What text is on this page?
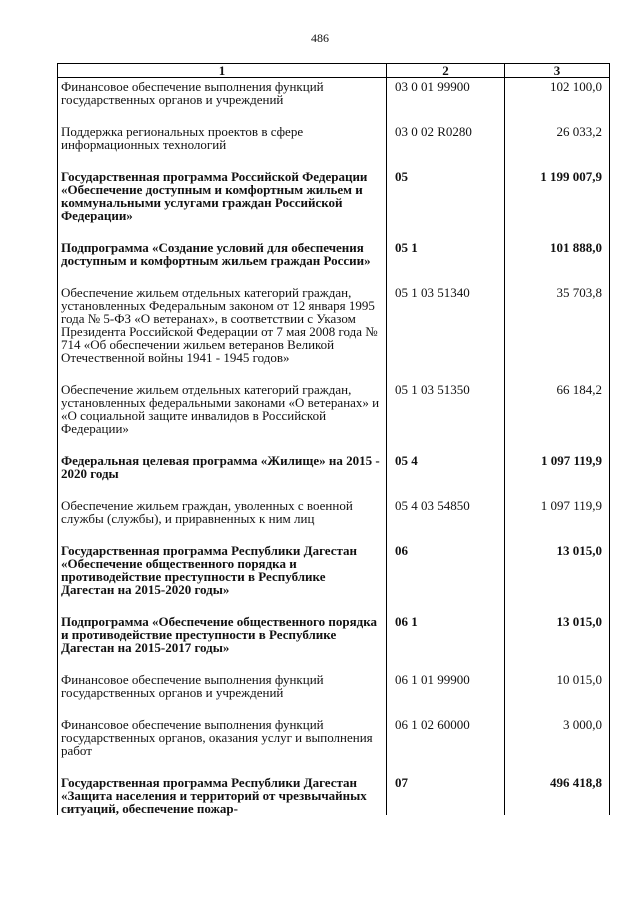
486
1	2	3
Финансовое обеспечение выполнения функций государственных органов и учреждений	03 0 01 99900	102 100,0
Поддержка региональных проектов в сфере информационных технологий	03 0 02 R0280	26 033,2
Государственная программа Российской Федерации «Обеспечение доступным и комфортным жильем и коммунальными услугами граждан Российской Федерации»	05	1 199 007,9
Подпрограмма «Создание условий для обеспечения доступным и комфортным жильем граждан России»	05 1	101 888,0
Обеспечение жильем отдельных категорий граждан, установленных Федеральным законом от 12 января 1995 года № 5-ФЗ «О ветеранах», в соответствии с Указом Президента Российской Федерации от 7 мая 2008 года № 714 «Об обеспечении жильем ветеранов Великой Отечественной войны 1941 - 1945 годов»	05 1 03 51340	35 703,8
Обеспечение жильем отдельных категорий граждан, установленных федеральными законами «О ветеранах» и «О социальной защите инвалидов в Российской Федерации»	05 1 03 51350	66 184,2
Федеральная целевая программа «Жилище» на 2015 - 2020 годы	05 4	1 097 119,9
Обеспечение жильем граждан, уволенных с военной службы (службы), и приравненных к ним лиц	05 4 03 54850	1 097 119,9
Государственная программа Республики Дагестан «Обеспечение общественного порядка и противодействие преступности в Республике Дагестан на 2015-2020 годы»	06	13 015,0
Подпрограмма «Обеспечение общественного порядка и противодействие преступности в Республике Дагестан на 2015-2017 годы»	06 1	13 015,0
Финансовое обеспечение выполнения функций государственных органов и учреждений	06 1 01 99900	10 015,0
Финансовое обеспечение выполнения функций государственных органов, оказания услуг и выполнения работ	06 1 02 60000	3 000,0
Государственная программа Республики Дагестан «Защита населения и территорий от чрезвычайных ситуаций, обеспечение пожар-	07	496 418,8
